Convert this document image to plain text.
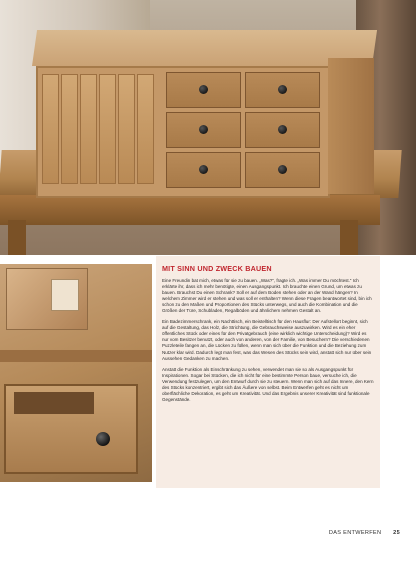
MIT SINN UND ZWECK BAUEN

Eine Freundin bat mich, etwas für sie zu bauen. „Was?“, fragte ich. „Was immer Du möchtest.“ Ich erklärte ihr, dass ich mehr benötigte, einen Ausgangspunkt. Ich brauchte einen Grund, um etwas zu bauen. Brauchst Du einen Schrank? Soll er auf dem Boden stehen oder an der Wand hängen? In welchem Zimmer wird er stehen und was soll er enthalten? Wenn diese Fragen beantwortet sind, bin ich schon zu den Maßen und Proportionen des Stücks unterwegs, und auch die Kombination und die Größen der Türe, Schubladen, Regalböden und ähnlichem nehmen Gestalt an.

Ein Badezimmerschrank, ein Nachttisch, ein Beistelltisch für den Hausflur: Der Aufstellort beginnt, sich auf die Gestaltung, das Holz, die Strichtung, die Gebrauchsweise auszuwirken. Wird es ein eher öffentliches Stück oder eines für den Privatgebrauch (eine wirklich wichtige Unterscheidung)? Wird es nur vom Besitzer benutzt, oder auch von anderen, von der Familie, von Besuchern? Die verschiedenen Puzzleteile fangen an, die Lücken zu füllen, wenn man sich über die Funktion und die Beziehung zum Nutzer klar wird. Dadurch legt man fest, was das Wesen des Stücks sein wird, anstatt sich nur über sein Aussehen Gedanken zu machen.

Anstatt die Funktion als Einschränkung zu sehen, verwendet man sie so als Ausgangspunkt für Inspirationen. Sogar bei Stücken, die ich nicht für eine bestimmte Person baue, versuche ich, die Verwendung festzulegen, um den Entwurf durch sie zu steuern. Wenn man sich auf das Innere, den Kern des Stücks konzentriert, ergibt sich das Äußere von selbst. Beim Entwerfen geht es nicht um oberflächliche Dekoration, es geht um Kreativität. Und das Ergebnis unserer Kreativität sind funktionale Gegenstände.

DAS ENTWERFEN 25
